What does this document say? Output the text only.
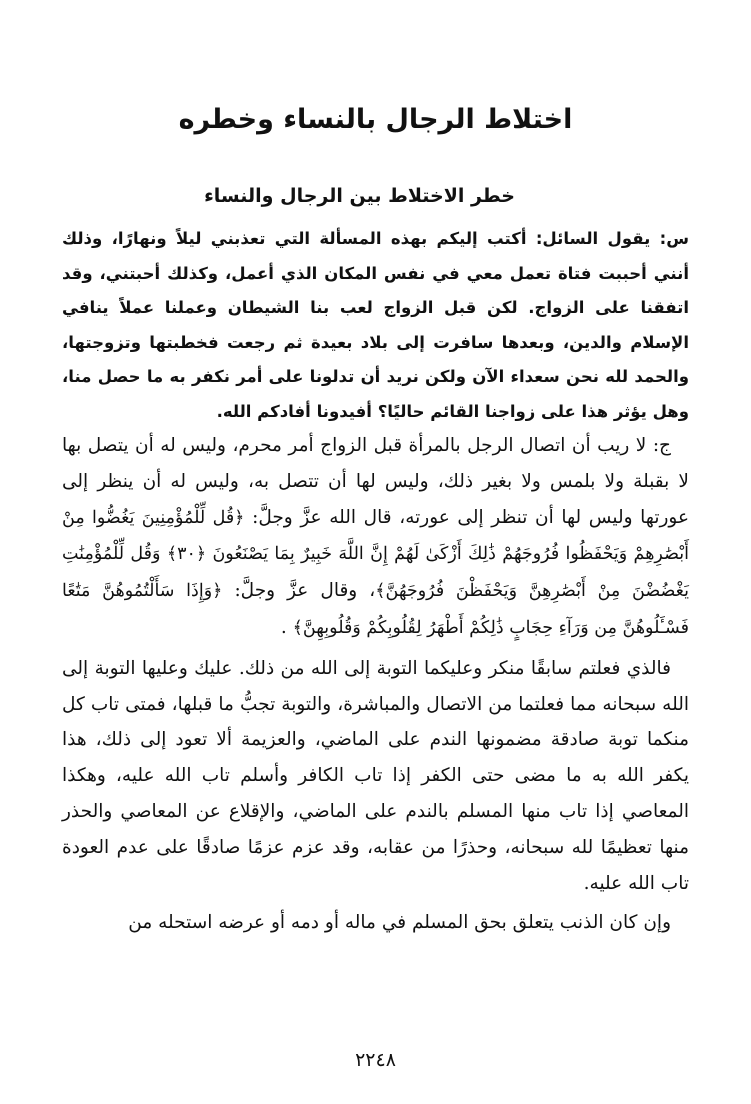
اختلاط الرجال بالنساء وخطره
خطر الاختلاط بين الرجال والنساء
س: يقول السائل: أكتب إليكم بهذه المسألة التي تعذبني ليلاً ونهارًا، وذلك أنني أحببت فتاة تعمل معي في نفس المكان الذي أعمل، وكذلك أحبتني، وقد اتفقنا على الزواج. لكن قبل الزواج لعب بنا الشيطان وعملنا عملاً ينافي الإسلام والدين، وبعدها سافرت إلى بلاد بعيدة ثم رجعت فخطبتها وتزوجتها، والحمد لله نحن سعداء الآن ولكن نريد أن تدلونا على أمر نكفر به ما حصل منا، وهل يؤثر هذا على زواجنا القائم حاليًا؟ أفيدونا أفادكم الله.

ج: لا ريب أن اتصال الرجل بالمرأة قبل الزواج أمر محرم، وليس له أن يتصل بها لا بقبلة ولا بلمس ولا بغير ذلك، وليس لها أن تتصل به، وليس له أن ينظر إلى عورتها وليس لها أن تنظر إلى عورته، قال الله عزَّ وجلَّ: ﴿قُل لِّلْمُؤْمِنِينَ يَغُضُّوا مِنْ أَبْصَٰرِهِمْ وَيَحْفَظُوا فُرُوجَهُمْ ذَٰلِكَ أَزْكَىٰ لَهُمْ إِنَّ اللَّهَ خَبِيرٌ بِمَا يَصْنَعُونَ ﴿٣٠﴾ وَقُل لِّلْمُؤْمِنَٰتِ يَغْضُضْنَ مِنْ أَبْصَٰرِهِنَّ وَيَحْفَظْنَ فُرُوجَهُنَّ﴾، وقال عزَّ وجلَّ: ﴿وَإِذَا سَأَلْتُمُوهُنَّ مَتَٰعًا فَسْـَٔلُوهُنَّ مِن وَرَآءِ حِجَابٍ ذَٰلِكُمْ أَطْهَرُ لِقُلُوبِكُمْ وَقُلُوبِهِنَّ﴾ .

فالذي فعلتم سابقًا منكر وعليكما التوبة إلى الله من ذلك. عليك وعليها التوبة إلى الله سبحانه مما فعلتما من الاتصال والمباشرة، والتوبة تجبُّ ما قبلها، فمتى تاب كل منكما توبة صادقة مضمونها الندم على الماضي، والعزيمة ألا تعود إلى ذلك، هذا يكفر الله به ما مضى حتى الكفر إذا تاب الكافر وأسلم تاب الله عليه، وهكذا المعاصي إذا تاب منها المسلم بالندم على الماضي، والإقلاع عن المعاصي والحذر منها تعظيمًا لله سبحانه، وحذرًا من عقابه، وقد عزم عزمًا صادقًا على عدم العودة تاب الله عليه.

وإن كان الذنب يتعلق بحق المسلم في ماله أو دمه أو عرضه استحله من

٢٢٤٨
